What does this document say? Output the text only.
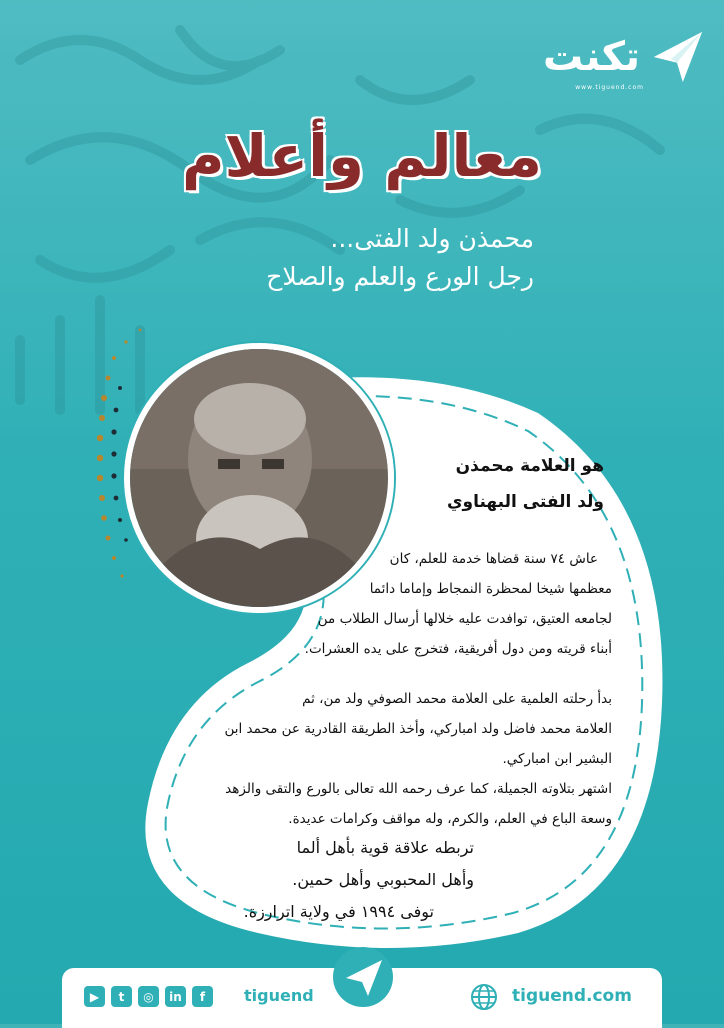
تكنت
www.tiguend.com
معالم وأعلام
محمذن ولد الفتى...
رجل الورع والعلم والصلاح
هو العلامة محمذن
ولد الفتى البهناوي
عاش ٧٤ سنة قضاها خدمة للعلم، كان
معظمها شيخا لمحظرة النمجاط وإماما دائما
لجامعه العتيق، توافدت عليه خلالها أرسال الطلاب من
أبناء قريته ومن دول أفريقية، فتخرج على يده العشرات.
بدأ رحلته العلمية على العلامة محمد الصوفي ولد من، ثم
العلامة محمد فاضل ولد امباركي، وأخذ الطريقة القادرية عن محمد ابن
البشير ابن امباركي.
اشتهر بتلاوته الجميلة، كما عرف رحمه الله تعالى بالورع والتقى والزهد
وسعة الباع في العلم، والكرم، وله مواقف وكرامات عديدة.
تربطه علاقة قوية بأهل ألما
وأهل المحبوبي وأهل حمين.
توفى ١٩٩٤ في ولاية اترارزة.
▶	t	◎	in	f	tiguend	tiguend.com
